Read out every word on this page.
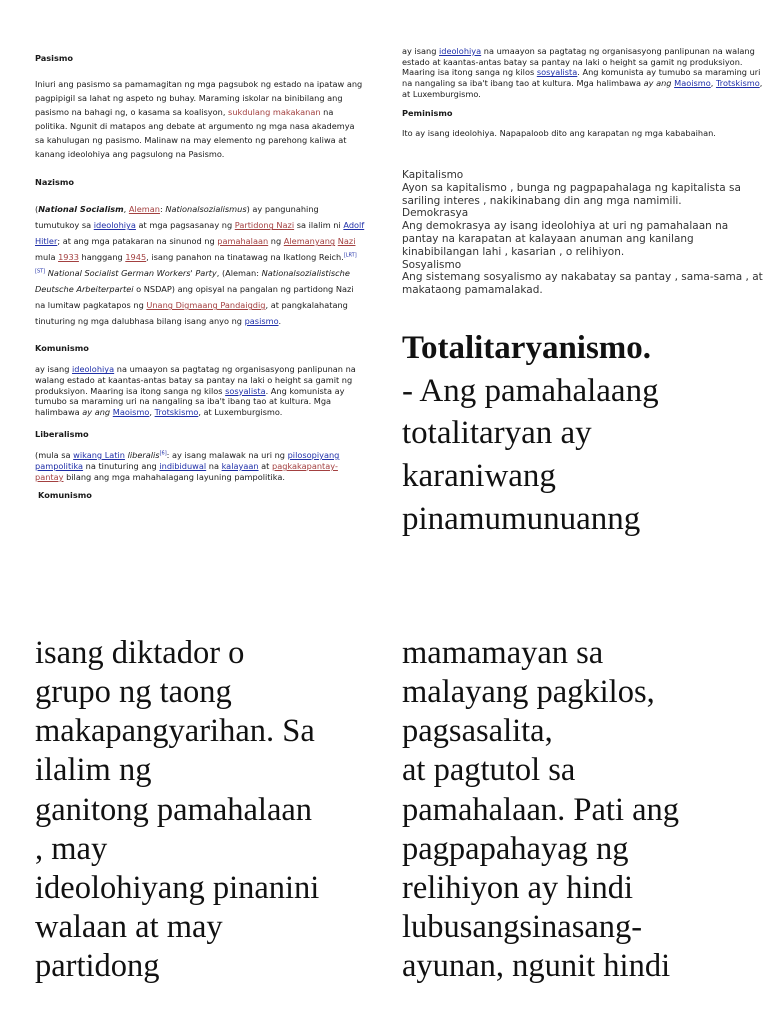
Pasismo

Iniuri ang pasismo sa pamamagitan ng mga pagsubok ng estado na ipataw ang pagpipigil sa lahat ng aspeto ng buhay. Maraming iskolar na binibilang ang pasismo na bahagi ng, o kasama sa koalisyon, sukdulang makakanan na politika. Ngunit di matapos ang debate at argumento ng mga nasa akademya sa kahulugan ng pasismo. Malinaw na may elemento ng parehong kaliwa at kanang ideolohiya ang pagsulong na Pasismo.

Nazismo

(National Socialism, Aleman: Nationalsozialismus) ay pangunahing tumutukoy sa ideolohiya at mga pagsasanay ng Partidong Nazi sa ilalim ni Adolf Hitler; at ang mga patakaran na sinunod ng pamahalaan ng Alemanyang Nazi mula 1933 hanggang 1945, isang panahon na tinatawag na Ikatlong Reich.[LRT] [ST] National Socialist German Workers' Party, (Aleman: Nationalsozialistische Deutsche Arbeiterpartei o NSDAP) ang opisyal na pangalan ng partidong Nazi na lumitaw pagkatapos ng Unang Digmaang Pandaigdig, at pangkalahatang tinuturing ng mga dalubhasa bilang isang anyo ng pasismo.

Komunismo

ay isang ideolohiya na umaayon sa pagtatag ng organisasyong panlipunan na walang estado at kaantas-antas batay sa pantay na laki o height sa gamit ng produksiyon. Maaring isa itong sanga ng kilos sosyalista. Ang komunista ay tumubo sa maraming uri na nangaling sa iba't ibang tao at kultura. Mga halimbawa ay ang Maoismo, Trotskismo, at Luxemburgismo.

Liberalismo

(mula sa wikang Latin liberalis[6]: ay isang malawak na uri ng pilosopiyang pampolitika na tinuturing ang indibiduwal na kalayaan at pagkakapantay-pantay bilang ang mga mahahalagang layuning pampolitika.

Komunismo

ay isang ideolohiya na umaayon sa pagtatag ng organisasyong panlipunan na walang estado at kaantas-antas batay sa pantay na laki o height sa gamit ng produksiyon. Maaring isa itong sanga ng kilos sosyalista. Ang komunista ay tumubo sa maraming uri na nangaling sa iba't ibang tao at kultura. Mga halimbawa ay ang Maoismo, Trotskismo, at Luxemburgismo.

Peminismo

Ito ay isang ideolohiya. Napapaloob dito ang karapatan ng mga kababaihan.

Kapitalismo

Ayon sa kapitalismo , bunga ng pagpapahalaga ng kapitalista sa sariling interes , nakikinabang din ang mga namimili.

Demokrasya

Ang demokrasya ay isang ideolohiya at uri ng pamahalaan na pantay na karapatan at kalayaan anuman ang kanilang kinabibilangan lahi , kasarian , o relihiyon.

Sosyalismo

Ang sistemang sosyalismo ay nakabatay sa pantay , sama-sama , at makataong pamamalakad.

Totalitaryanismo.

- Ang pamahalaang totalitaryan ay karaniwang pinamumunuanng

isang diktador o

grupo ng taong

makapangyarihan. Sa

ilalim ng

ganitong pamahalaan

, may

ideolohiyang pinanini

walaan at may

partidong

mamamayan sa

malayang pagkilos,

pagsasalita,

at pagtutol sa

pamahalaan. Pati ang

pagpapahayag ng

relihiyon ay hindi

lubusangsinasang-

ayunan, ngunit hindi
